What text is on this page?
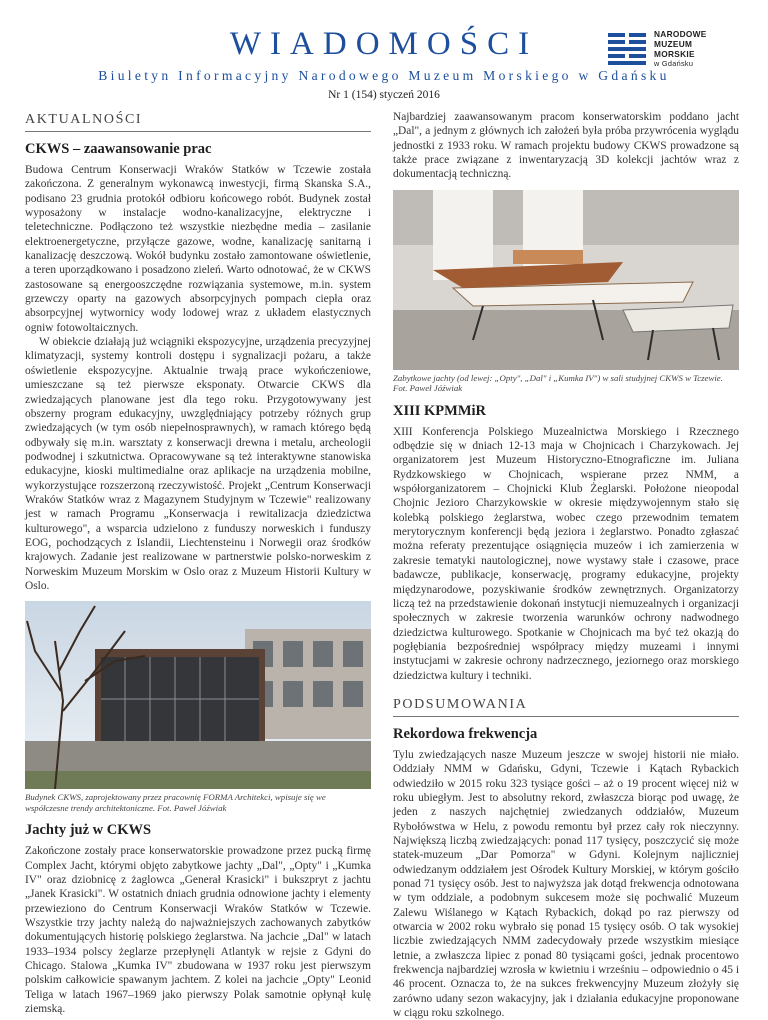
WIADOMOŚCI	NARODOWE
MUZEUM
MORSKIE
w Gdańsku
Biuletyn Informacyjny Narodowego Muzeum Morskiego w Gdańsku
Nr 1 (154) styczeń 2016
AKTUALNOŚCI
CKWS – zaawansowanie prac

Budowa Centrum Konserwacji Wraków Statków w Tczewie została zakończona. Z generalnym wykonawcą inwestycji, firmą Skanska S.A., podisano 23 grudnia protokół odbioru końcowego robót. Budynek został wyposażony w instalacje wodno-kanalizacyjne, elektryczne i teletechniczne. Podłączono też wszystkie niezbędne media – zasilanie elektroenergetyczne, przyłącze gazowe, wodne, kanalizację sanitarną i kanalizację deszczową. Wokół budynku zostało zamontowane oświetlenie, a teren uporządkowano i posadzono zieleń. Warto odnotować, że w CKWS zastosowane są energooszczędne rozwiązania systemowe, m.in. system grzewczy oparty na gazowych absorpcyjnych pompach ciepła oraz absorpcyjnej wytwornicy wody lodowej wraz z układem elastycznych ogniw fotowoltaicznych.

W obiekcie działają już wciągniki ekspozycyjne, urządzenia precyzyjnej klimatyzacji, systemy kontroli dostępu i sygnalizacji pożaru, a także oświetlenie ekspozycyjne. Aktualnie trwają prace wykończeniowe, umieszczane są też pierwsze eksponaty. Otwarcie CKWS dla zwiedzających planowane jest dla tego roku. Przygotowywany jest obszerny program edukacyjny, uwzględniający potrzeby różnych grup zwiedzających (w tym osób niepełnosprawnych), w ramach którego będą odbywały się m.in. warsztaty z konserwacji drewna i metalu, archeologii podwodnej i szkutnictwa. Opracowywane są też interaktywne stanowiska edukacyjne, kioski multimedialne oraz aplikacje na urządzenia mobilne, wykorzystujące rozszerzoną rzeczywistość. Projekt „Centrum Konserwacji Wraków Statków wraz z Magazynem Studyjnym w Tczewie" realizowany jest w ramach Programu „Konserwacja i rewitalizacja dziedzictwa kulturowego", a wsparcia udzielono z funduszy norweskich i funduszy EOG, pochodzących z Islandii, Liechtensteinu i Norwegii oraz środków krajowych. Zadanie jest realizowane w partnerstwie polsko-norweskim z Norweskim Muzeum Morskim w Oslo oraz z Muzeum Historii Kultury w Oslo.

Budynek CKWS, zaprojektowany przez pracownię FORMA Architekci, wpisuje się we współczesne trendy architektoniczne. Fot. Paweł Jóźwiak
Jachty już w CKWS

Zakończone zostały prace konserwatorskie prowadzone przez pucką firmę Complex Jacht, którymi objęto zabytkowe jachty „Dal", „Opty" i „Kumka IV" oraz dziobnicę z żaglowca „Generał Krasicki" i bukszpryt z jachtu „Janek Krasicki". W ostatnich dniach grudnia odnowione jachty i elementy przewieziono do Centrum Konserwacji Wraków Statków w Tczewie. Wszystkie trzy jachty należą do najważniejszych zachowanych zabytków dokumentujących historię polskiego żeglarstwa. Na jachcie „Dal" w latach 1933–1934 polscy żeglarze przepłynęli Atlantyk w rejsie z Gdyni do Chicago. Stalowa „Kumka IV" zbudowana w 1937 roku jest pierwszym polskim całkowicie spawanym jachtem. Z kolei na jachcie „Opty" Leonid Teliga w latach 1967–1969 jako pierwszy Polak samotnie opłynął kulę ziemską.

Najbardziej zaawansowanym pracom konserwatorskim poddano jacht „Dal", a jednym z głównych ich założeń była próba przywrócenia wyglądu jednostki z 1933 roku. W ramach projektu budowy CKWS prowadzone są także prace związane z inwentaryzacją 3D kolekcji jachtów wraz z dokumentacją techniczną.

Zabytkowe jachty (od lewej: „Opty", „Dal" i „Kumka IV") w sali studyjnej CKWS w Tczewie. Fot. Paweł Jóźwiak
XIII KPMMiR

XIII Konferencja Polskiego Muzealnictwa Morskiego i Rzecznego odbędzie się w dniach 12-13 maja w Chojnicach i Charzykowach. Jej organizatorem jest Muzeum Historyczno-Etnograficzne im. Juliana Rydzkowskiego w Chojnicach, wspierane przez NMM, a współorganizatorem – Chojnicki Klub Żeglarski. Położone nieopodal Chojnic Jezioro Charzykowskie w okresie międzywojennym stało się kolebką polskiego żeglarstwa, wobec czego przewodnim tematem merytorycznym konferencji będą jeziora i żeglarstwo. Ponadto zgłaszać można referaty prezentujące osiągnięcia muzeów i ich zamierzenia w zakresie tematyki nautologicznej, nowe wystawy stałe i czasowe, prace badawcze, publikacje, konserwację, programy edukacyjne, projekty międzynarodowe, pozyskiwanie środków zewnętrznych. Organizatorzy liczą też na przedstawienie dokonań instytucji niemuzealnych i organizacji społecznych w zakresie tworzenia warunków ochrony nadwodnego dziedzictwa kulturowego. Spotkanie w Chojnicach ma być też okazją do pogłębiania bezpośredniej współpracy między muzeami i innymi instytucjami w zakresie ochrony nadrzecznego, jeziornego oraz morskiego dziedzictwa kultury i techniki.

PODSUMOWANIA
Rekordowa frekwencja

Tylu zwiedzających nasze Muzeum jeszcze w swojej historii nie miało. Oddziały NMM w Gdańsku, Gdyni, Tczewie i Kątach Rybackich odwiedziło w 2015 roku 323 tysiące gości – aż o 19 procent więcej niż w roku ubiegłym. Jest to absolutny rekord, zwłaszcza biorąc pod uwagę, że jeden z naszych najchętniej zwiedzanych oddziałów, Muzeum Rybołówstwa w Helu, z powodu remontu był przez cały rok nieczynny. Największą liczbą zwiedzających: ponad 117 tysięcy, poszczycić się może statek-muzeum „Dar Pomorza" w Gdyni. Kolejnym najliczniej odwiedzanym oddziałem jest Ośrodek Kultury Morskiej, w którym gościło ponad 71 tysięcy osób. Jest to najwyższa jak dotąd frekwencja odnotowana w tym oddziale, a podobnym sukcesem może się pochwalić Muzeum Zalewu Wiślanego w Kątach Rybackich, dokąd po raz pierwszy od otwarcia w 2002 roku wybrało się ponad 15 tysięcy osób. O tak wysokiej liczbie zwiedzających NMM zadecydowały przede wszystkim miesiące letnie, a zwłaszcza lipiec z ponad 80 tysiącami gości, jednak procentowo frekwencja najbardziej wzrosła w kwietniu i wrześniu – odpowiednio o 45 i 46 procent. Oznacza to, że na sukces frekwencyjny Muzeum złożyły się zarówno udany sezon wakacyjny, jak i działania edukacyjne proponowane w ciągu roku szkolnego.
